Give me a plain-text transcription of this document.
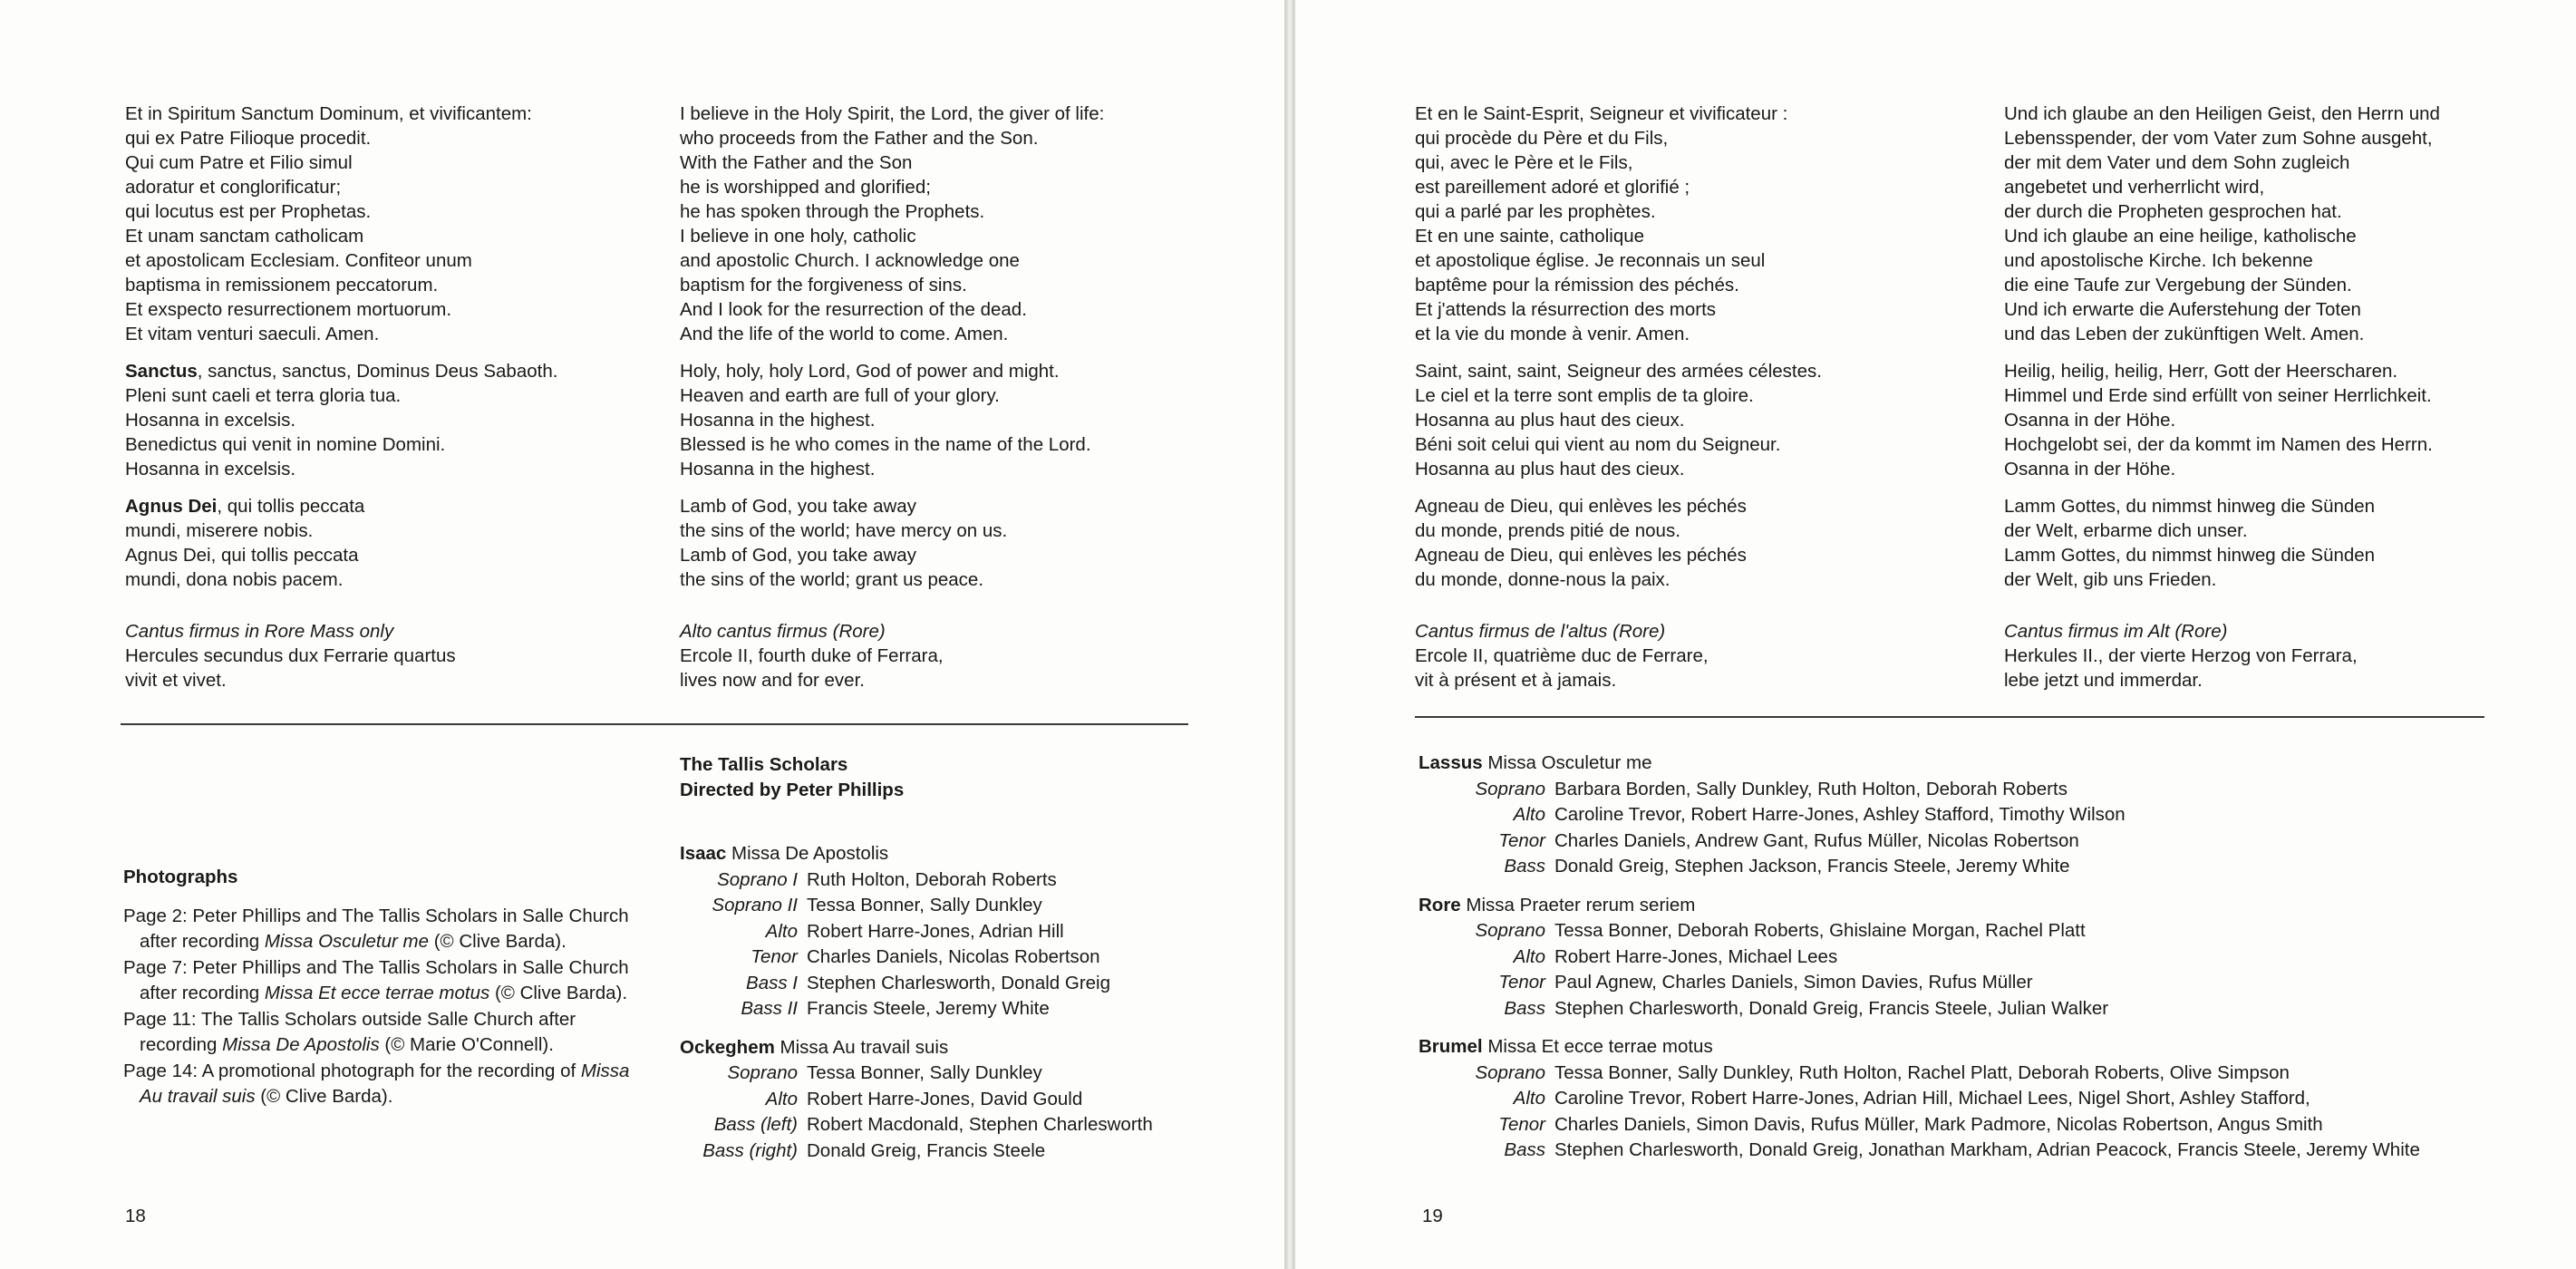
Et in Spiritum Sanctum Dominum, et vivificantem:

qui ex Patre Filioque procedit.

Qui cum Patre et Filio simul

adoratur et conglorificatur;

qui locutus est per Prophetas.

Et unam sanctam catholicam

et apostolicam Ecclesiam. Confiteor unum

baptisma in remissionem peccatorum.

Et exspecto resurrectionem mortuorum.

Et vitam venturi saeculi. Amen.

Sanctus, sanctus, sanctus, Dominus Deus Sabaoth.

Pleni sunt caeli et terra gloria tua.

Hosanna in excelsis.

Benedictus qui venit in nomine Domini.

Hosanna in excelsis.

Agnus Dei, qui tollis peccata

mundi, miserere nobis.

Agnus Dei, qui tollis peccata

mundi, dona nobis pacem.

Cantus firmus in Rore Mass only

Hercules secundus dux Ferrarie quartus

vivit et vivet.

I believe in the Holy Spirit, the Lord, the giver of life:

who proceeds from the Father and the Son.

With the Father and the Son

he is worshipped and glorified;

he has spoken through the Prophets.

I believe in one holy, catholic

and apostolic Church. I acknowledge one

baptism for the forgiveness of sins.

And I look for the resurrection of the dead.

And the life of the world to come. Amen.

Holy, holy, holy Lord, God of power and might.

Heaven and earth are full of your glory.

Hosanna in the highest.

Blessed is he who comes in the name of the Lord.

Hosanna in the highest.

Lamb of God, you take away

the sins of the world; have mercy on us.

Lamb of God, you take away

the sins of the world; grant us peace.

Alto cantus firmus (Rore)

Ercole II, fourth duke of Ferrara,

lives now and for ever.

Photographs

Page 2: Peter Phillips and The Tallis Scholars in Salle Church after recording Missa Osculetur me (© Clive Barda).

Page 7: Peter Phillips and The Tallis Scholars in Salle Church after recording Missa Et ecce terrae motus (© Clive Barda).

Page 11: The Tallis Scholars outside Salle Church after recording Missa De Apostolis (© Marie O'Connell).

Page 14: A promotional photograph for the recording of Missa Au travail suis (© Clive Barda).

The Tallis Scholars

Directed by Peter Phillips

Isaac Missa De Apostolis

Soprano I Ruth Holton, Deborah Roberts
Soprano II Tessa Bonner, Sally Dunkley
Alto Robert Harre-Jones, Adrian Hill
Tenor Charles Daniels, Nicolas Robertson
Bass I Stephen Charlesworth, Donald Greig
Bass II Francis Steele, Jeremy White

Ockeghem Missa Au travail suis

Soprano Tessa Bonner, Sally Dunkley
Alto Robert Harre-Jones, David Gould
Bass (left) Robert Macdonald, Stephen Charlesworth
Bass (right) Donald Greig, Francis Steele
18

Et en le Saint-Esprit, Seigneur et vivificateur :

qui procède du Père et du Fils,

qui, avec le Père et le Fils,

est pareillement adoré et glorifié ;

qui a parlé par les prophètes.

Et en une sainte, catholique

et apostolique église. Je reconnais un seul

baptême pour la rémission des péchés.

Et j'attends la résurrection des morts

et la vie du monde à venir. Amen.

Saint, saint, saint, Seigneur des armées célestes.

Le ciel et la terre sont emplis de ta gloire.

Hosanna au plus haut des cieux.

Béni soit celui qui vient au nom du Seigneur.

Hosanna au plus haut des cieux.

Agneau de Dieu, qui enlèves les péchés

du monde, prends pitié de nous.

Agneau de Dieu, qui enlèves les péchés

du monde, donne-nous la paix.

Cantus firmus de l'altus (Rore)

Ercole II, quatrième duc de Ferrare,

vit à présent et à jamais.

Und ich glaube an den Heiligen Geist, den Herrn und

Lebensspender, der vom Vater zum Sohne ausgeht,

der mit dem Vater und dem Sohn zugleich

angebetet und verherrlicht wird,

der durch die Propheten gesprochen hat.

Und ich glaube an eine heilige, katholische

und apostolische Kirche. Ich bekenne

die eine Taufe zur Vergebung der Sünden.

Und ich erwarte die Auferstehung der Toten

und das Leben der zukünftigen Welt. Amen.

Heilig, heilig, heilig, Herr, Gott der Heerscharen.

Himmel und Erde sind erfüllt von seiner Herrlichkeit.

Osanna in der Höhe.

Hochgelobt sei, der da kommt im Namen des Herrn.

Osanna in der Höhe.

Lamm Gottes, du nimmst hinweg die Sünden

der Welt, erbarme dich unser.

Lamm Gottes, du nimmst hinweg die Sünden

der Welt, gib uns Frieden.

Cantus firmus im Alt (Rore)

Herkules II., der vierte Herzog von Ferrara,

lebe jetzt und immerdar.

Lassus Missa Osculetur me

Soprano Barbara Borden, Sally Dunkley, Ruth Holton, Deborah Roberts
Alto Caroline Trevor, Robert Harre-Jones, Ashley Stafford, Timothy Wilson
Tenor Charles Daniels, Andrew Gant, Rufus Müller, Nicolas Robertson
Bass Donald Greig, Stephen Jackson, Francis Steele, Jeremy White

Rore Missa Praeter rerum seriem

Soprano Tessa Bonner, Deborah Roberts, Ghislaine Morgan, Rachel Platt
Alto Robert Harre-Jones, Michael Lees
Tenor Paul Agnew, Charles Daniels, Simon Davies, Rufus Müller
Bass Stephen Charlesworth, Donald Greig, Francis Steele, Julian Walker

Brumel Missa Et ecce terrae motus

Soprano Tessa Bonner, Sally Dunkley, Ruth Holton, Rachel Platt, Deborah Roberts, Olive Simpson
Alto Caroline Trevor, Robert Harre-Jones, Adrian Hill, Michael Lees, Nigel Short, Ashley Stafford,
Tenor Charles Daniels, Simon Davis, Rufus Müller, Mark Padmore, Nicolas Robertson, Angus Smith
Bass Stephen Charlesworth, Donald Greig, Jonathan Markham, Adrian Peacock, Francis Steele, Jeremy White
19
